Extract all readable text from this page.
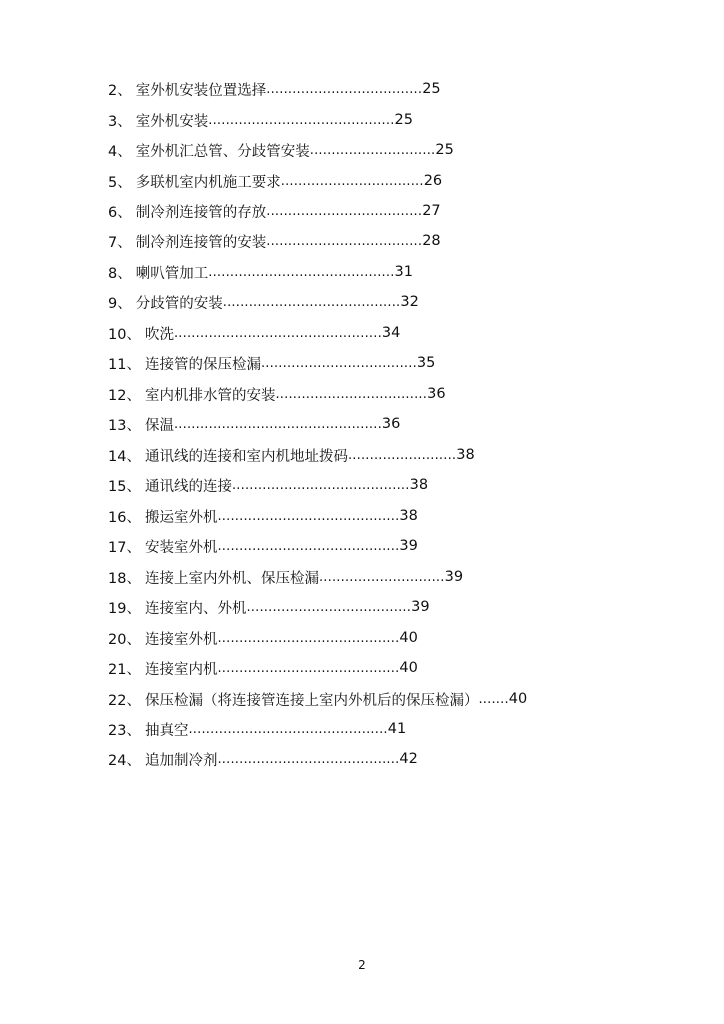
2、 室外机安装位置选择 .................................... 25
3、 室外机安装 ........................................... 25
4、 室外机汇总管、分歧管安装 ............................. 25
5、 多联机室内机施工要求 ................................. 26
6、 制冷剂连接管的存放 .................................... 27
7、 制冷剂连接管的安装 .................................... 28
8、 喇叭管加工 ........................................... 31
9、 分歧管的安装 ......................................... 32
10、 吹洗 ................................................ 34
11、 连接管的保压检漏 .................................... 35
12、 室内机排水管的安装 ................................... 36
13、 保温 ................................................ 36
14、 通讯线的连接和室内机地址拨码 ......................... 38
15、 通讯线的连接 ......................................... 38
16、 搬运室外机 .......................................... 38
17、 安装室外机 .......................................... 39
18、 连接上室内外机、保压检漏 ............................. 39
19、 连接室内、外机 ...................................... 39
20、 连接室外机 .......................................... 40
21、 连接室内机 .......................................... 40
22、 保压检漏（将连接管连接上室内外机后的保压检漏） ....... 40
23、 抽真空 .............................................. 41
24、 追加制冷剂 .......................................... 42
2
